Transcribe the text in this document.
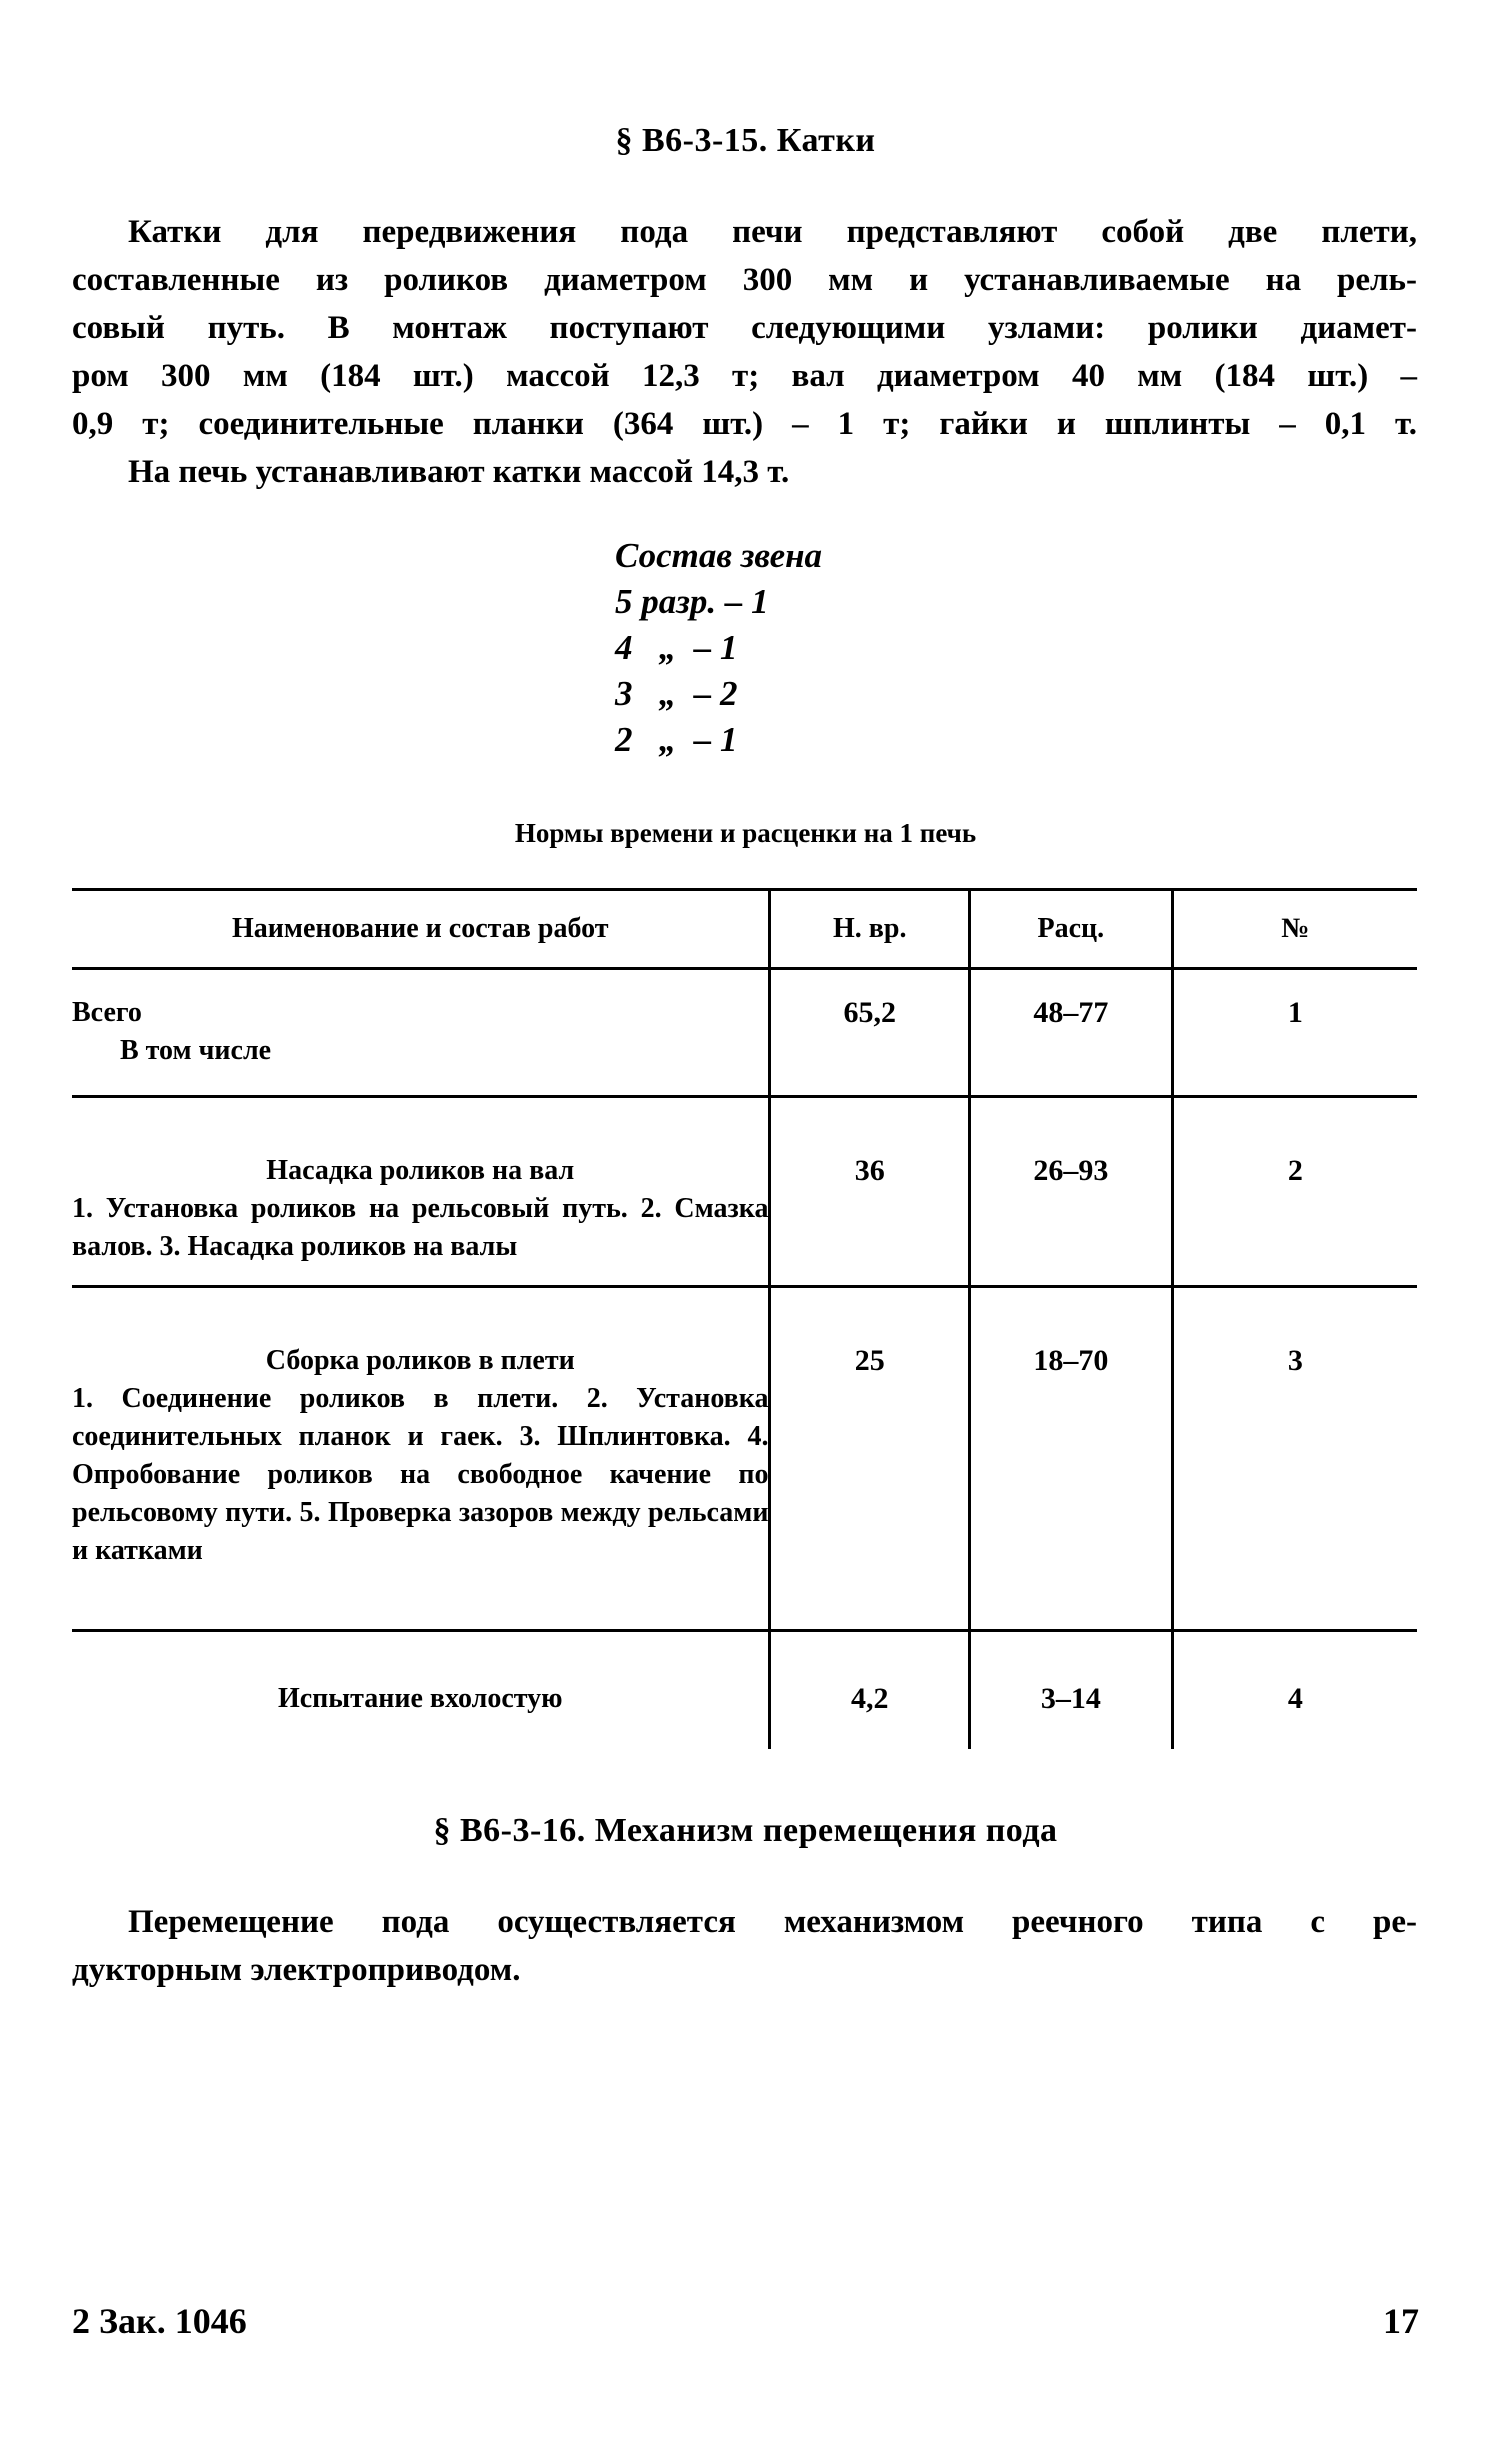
§ В6-3-15. Катки
Катки для передвижения пода печи представляют собой две плети,
составленные из роликов диаметром 300 мм и устанавливаемые на рель-
совый путь. В монтаж поступают следующими узлами: ролики диамет-
ром 300 мм (184 шт.) массой 12,3 т; вал диаметром 40 мм (184 шт.) –
0,9 т; соединительные планки (364 шт.) – 1 т; гайки и шплинты – 0,1 т.
На печь устанавливают катки массой 14,3 т.
Состав звена
5 разр. – 1
4   „  – 1
3   „  – 2
2   „  – 1
Нормы времени и расценки на 1 печь
Наименование и состав работ	Н. вр.	Расц.	№

Всего
В том числе	65,2	48–77	1

Насадка роликов на вал
1. Установка роликов на рельсовый путь. 2. Смазка валов. 3. Насадка роликов на валы	36	26–93	2

Сборка роликов в плети
1. Соединение роликов в плети. 2. Установка соединительных планок и гаек. 3. Шплинтовка. 4. Опробование роликов на свободное качение по рельсовому пути. 5. Проверка зазоров между рельсами и катками	25	18–70	3

Испытание вхолостую	4,2	3–14	4
§ В6-3-16. Механизм перемещения пода
Перемещение пода осуществляется механизмом реечного типа с ре-
дукторным электроприводом.
2 Зак. 1046	17
